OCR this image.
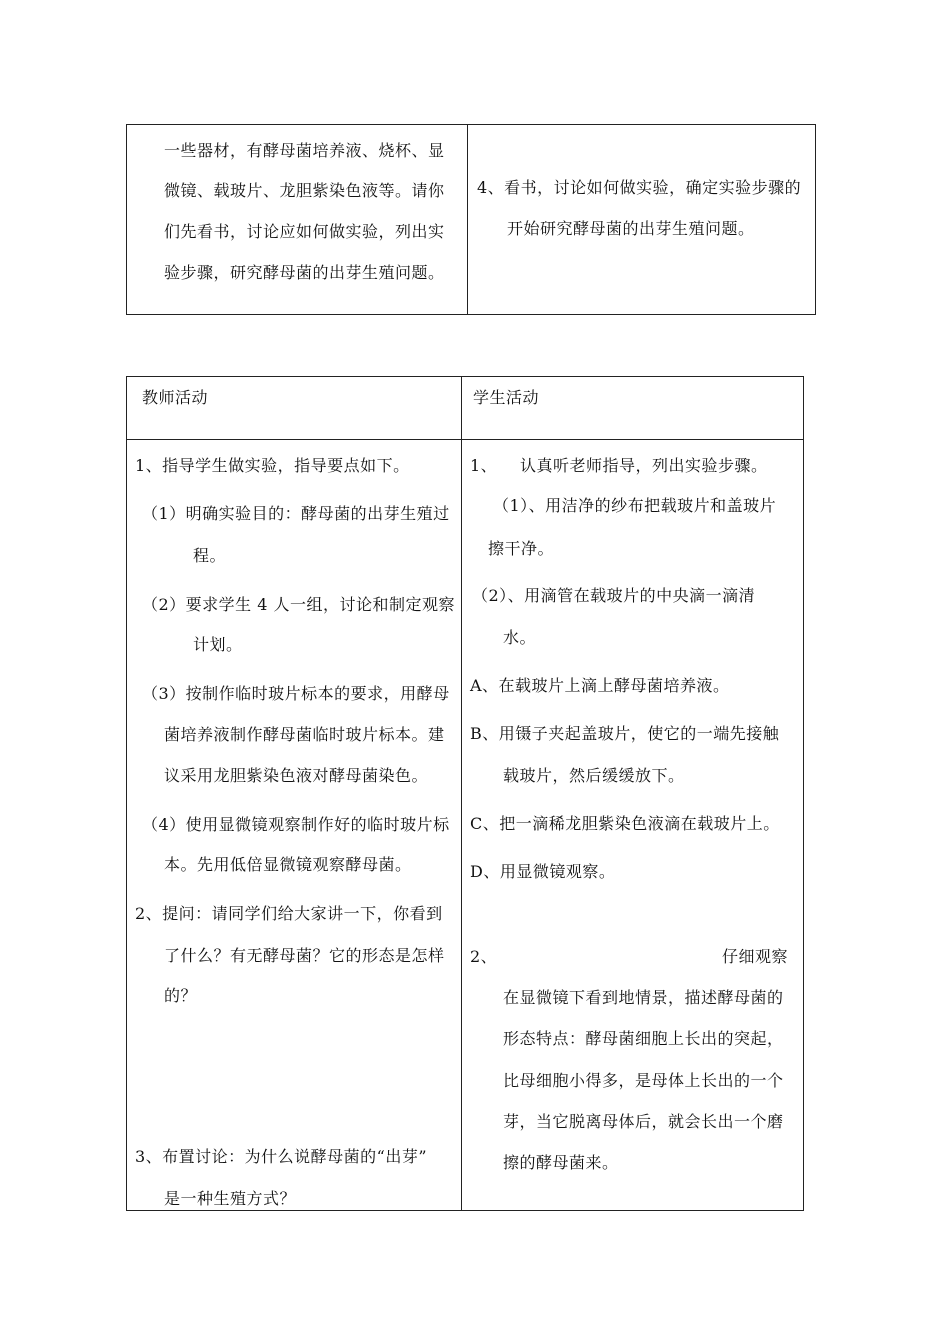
一些器材，有酵母菌培养液、烧杯、显
微镜、载玻片、龙胆紫染色液等。请你
们先看书，讨论应如何做实验，列出实
验步骤，研究酵母菌的出芽生殖问题。
4、看书，讨论如何做实验，确定实验步骤的
开始研究酵母菌的出芽生殖问题。
教师活动	学生活动
1、指导学生做实验，指导要点如下。
（1）明确实验目的：酵母菌的出芽生殖过
程。
（2）要求学生 4 人一组，讨论和制定观察
计划。
（3）按制作临时玻片标本的要求，用酵母
菌培养液制作酵母菌临时玻片标本。建
议采用龙胆紫染色液对酵母菌染色。
（4）使用显微镜观察制作好的临时玻片标
本。先用低倍显微镜观察酵母菌。
2、提问：请同学们给大家讲一下，你看到
了什么？有无酵母菌？它的形态是怎样
的？
3、布置讨论：为什么说酵母菌的“出芽”
是一种生殖方式？
1、 认真听老师指导，列出实验步骤。
（1）、用洁净的纱布把载玻片和盖玻片
擦干净。
（2）、用滴管在载玻片的中央滴一滴清
水。
A、在载玻片上滴上酵母菌培养液。
B、用镊子夹起盖玻片，使它的一端先接触
载玻片，然后缓缓放下。
C、把一滴稀龙胆紫染色液滴在载玻片上。
D、用显微镜观察。
2、	仔细观察
在显微镜下看到地情景，描述酵母菌的
形态特点：酵母菌细胞上长出的突起，
比母细胞小得多，是母体上长出的一个
芽，当它脱离母体后，就会长出一个磨
擦的酵母菌来。
